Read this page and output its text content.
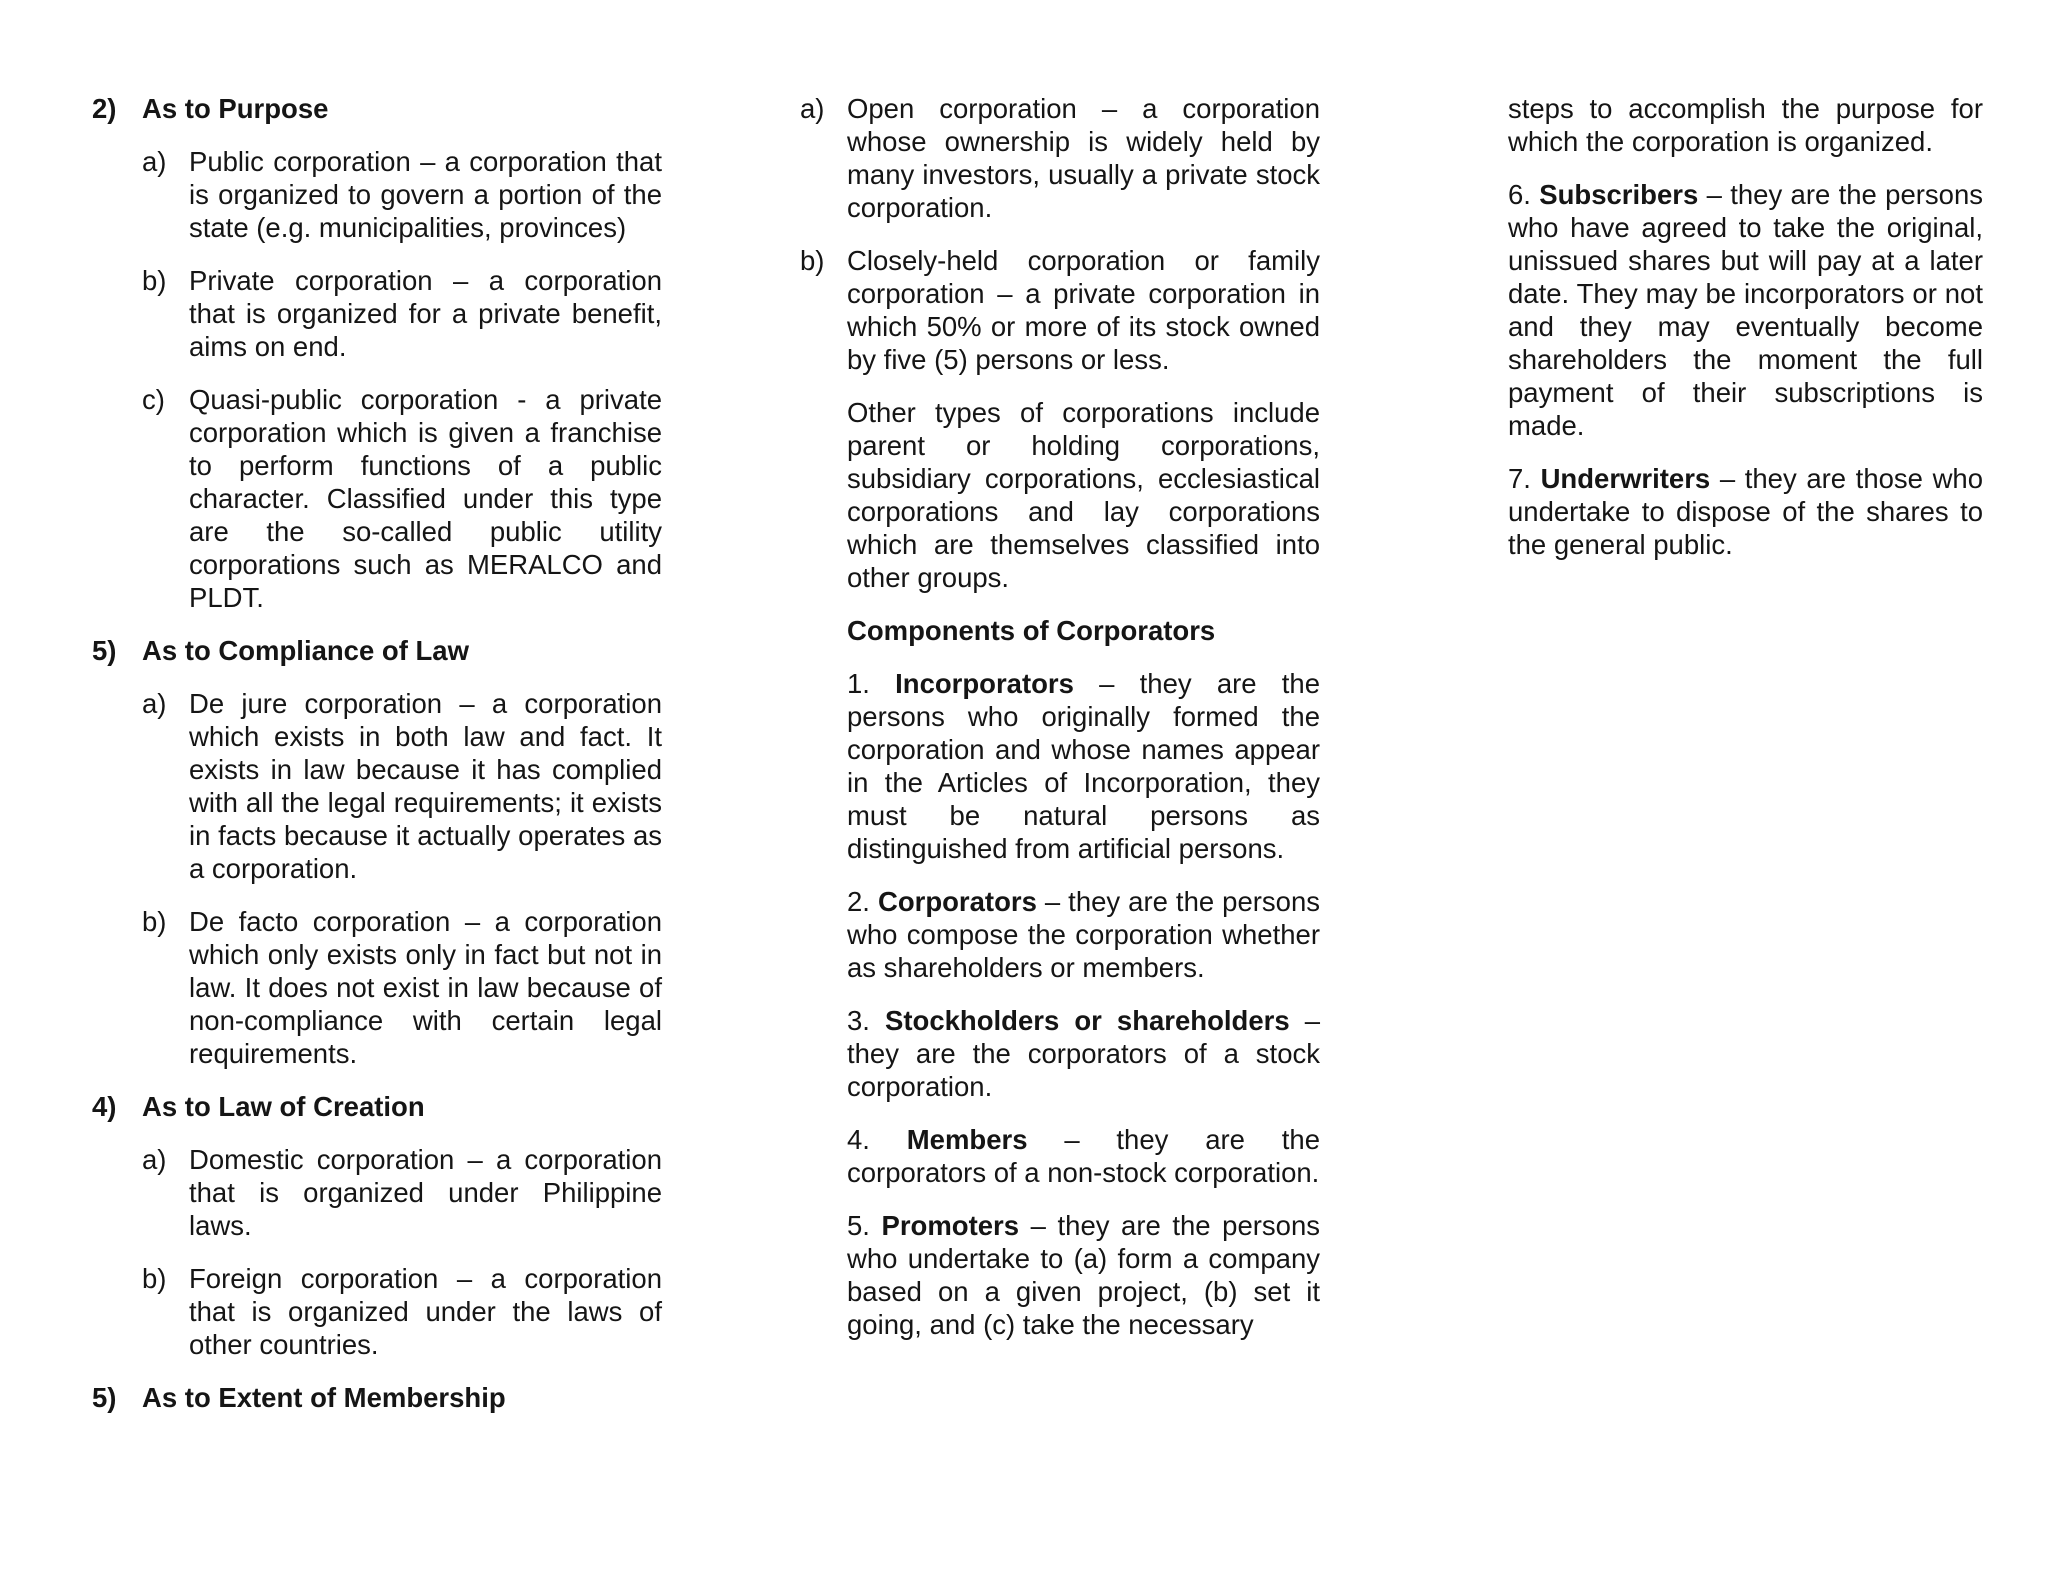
2) As to Purpose
a) Public corporation – a corporation that is organized to govern a portion of the state (e.g. municipalities, provinces)
b) Private corporation – a corporation that is organized for a private benefit, aims on end.
c) Quasi-public corporation - a private corporation which is given a franchise to perform functions of a public character. Classified under this type are the so-called public utility corporations such as MERALCO and PLDT.
5) As to Compliance of Law
a) De jure corporation – a corporation which exists in both law and fact. It exists in law because it has complied with all the legal requirements; it exists in facts because it actually operates as a corporation.
b) De facto corporation – a corporation which only exists only in fact but not in law. It does not exist in law because of non-compliance with certain legal requirements.
4) As to Law of Creation
a) Domestic corporation – a corporation that is organized under Philippine laws.
b) Foreign corporation – a corporation that is organized under the laws of other countries.
5) As to Extent of Membership
a) Open corporation – a corporation whose ownership is widely held by many investors, usually a private stock corporation.
b) Closely-held corporation or family corporation – a private corporation in which 50% or more of its stock owned by five (5) persons or less.

Other types of corporations include parent or holding corporations, subsidiary corporations, ecclesiastical corporations and lay corporations which are themselves classified into other groups.

Components of Corporators

1. Incorporators – they are the persons who originally formed the corporation and whose names appear in the Articles of Incorporation, they must be natural persons as distinguished from artificial persons.

2. Corporators – they are the persons who compose the corporation whether as shareholders or members.

3. Stockholders or shareholders – they are the corporators of a stock corporation.

4. Members – they are the corporators of a non-stock corporation.

5. Promoters – they are the persons who undertake to (a) form a company based on a given project, (b) set it going, and (c) take the necessary

steps to accomplish the purpose for which the corporation is organized.

6. Subscribers – they are the persons who have agreed to take the original, unissued shares but will pay at a later date. They may be incorporators or not and they may eventually become shareholders the moment the full payment of their subscriptions is made.

7. Underwriters – they are those who undertake to dispose of the shares to the general public.
